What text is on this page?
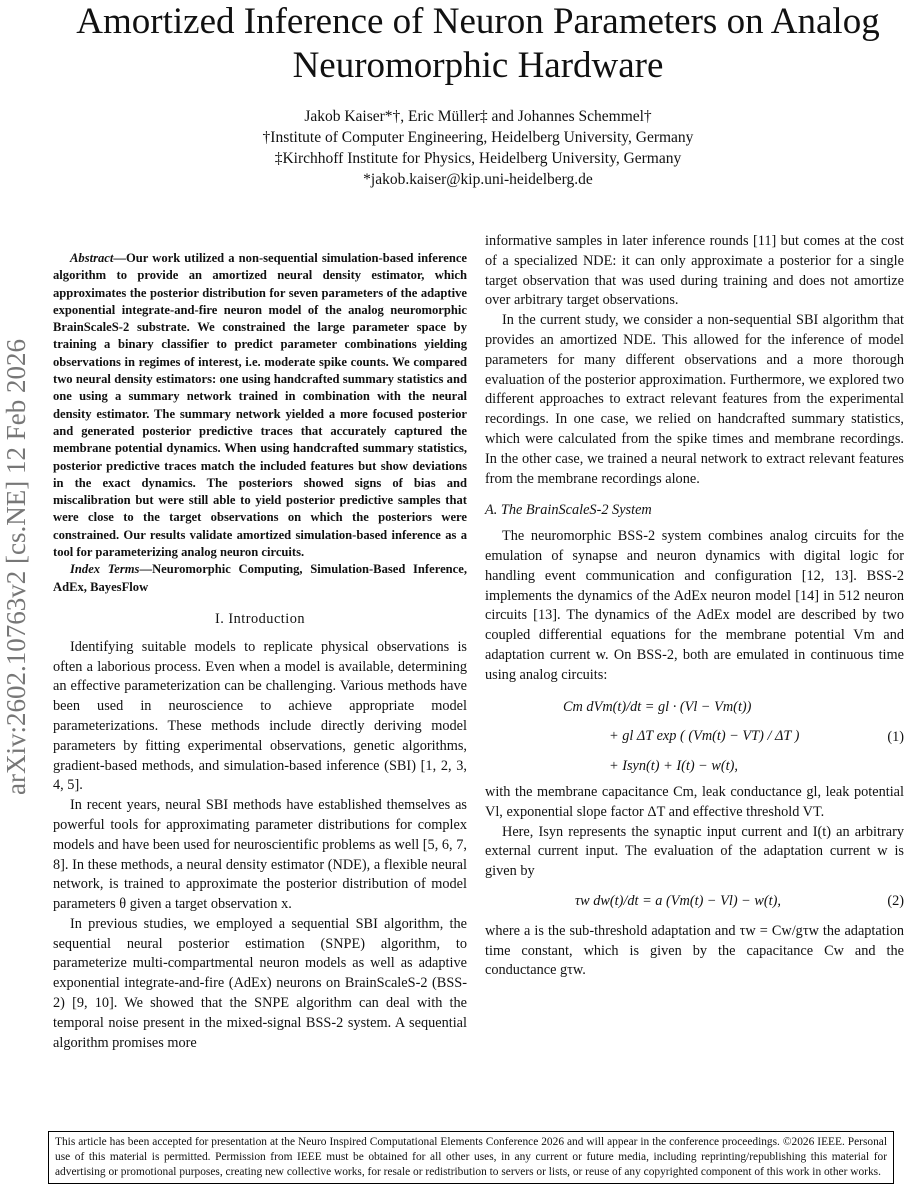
Amortized Inference of Neuron Parameters on Analog Neuromorphic Hardware
Jakob Kaiser*†, Eric Müller‡ and Johannes Schemmel†
†Institute of Computer Engineering, Heidelberg University, Germany
‡Kirchhoff Institute for Physics, Heidelberg University, Germany
*jakob.kaiser@kip.uni-heidelberg.de
arXiv:2602.10763v2 [cs.NE] 12 Feb 2026

Abstract—Our work utilized a non-sequential simulation-based inference algorithm to provide an amortized neural density estimator, which approximates the posterior distribution for seven parameters of the adaptive exponential integrate-and-fire neuron model of the analog neuromorphic BrainScaleS-2 substrate. We constrained the large parameter space by training a binary classifier to predict parameter combinations yielding observations in regimes of interest, i.e. moderate spike counts. We compared two neural density estimators: one using handcrafted summary statistics and one using a summary network trained in combination with the neural density estimator. The summary network yielded a more focused posterior and generated posterior predictive traces that accurately captured the membrane potential dynamics. When using handcrafted summary statistics, posterior predictive traces match the included features but show deviations in the exact dynamics. The posteriors showed signs of bias and miscalibration but were still able to yield posterior predictive samples that were close to the target observations on which the posteriors were constrained. Our results validate amortized simulation-based inference as a tool for parameterizing analog neuron circuits.

Index Terms—Neuromorphic Computing, Simulation-Based Inference, AdEx, BayesFlow

I. Introduction

Identifying suitable models to replicate physical observations is often a laborious process. Even when a model is available, determining an effective parameterization can be challenging. Various methods have been used in neuroscience to achieve appropriate model parameterizations. These methods include directly deriving model parameters by fitting experimental observations, genetic algorithms, gradient-based methods, and simulation-based inference (SBI) [1, 2, 3, 4, 5].

In recent years, neural SBI methods have established themselves as powerful tools for approximating parameter distributions for complex models and have been used for neuroscientific problems as well [5, 6, 7, 8]. In these methods, a neural density estimator (NDE), a flexible neural network, is trained to approximate the posterior distribution of model parameters θ given a target observation x.

In previous studies, we employed a sequential SBI algorithm, the sequential neural posterior estimation (SNPE) algorithm, to parameterize multi-compartmental neuron models as well as adaptive exponential integrate-and-fire (AdEx) neurons on BrainScaleS-2 (BSS-2) [9, 10]. We showed that the SNPE algorithm can deal with the temporal noise present in the mixed-signal BSS-2 system. A sequential algorithm promises more

informative samples in later inference rounds [11] but comes at the cost of a specialized NDE: it can only approximate a posterior for a single target observation that was used during training and does not amortize over arbitrary target observations.

In the current study, we consider a non-sequential SBI algorithm that provides an amortized NDE. This allowed for the inference of model parameters for many different observations and a more thorough evaluation of the posterior approximation. Furthermore, we explored two different approaches to extract relevant features from the experimental recordings. In one case, we relied on handcrafted summary statistics, which were calculated from the spike times and membrane recordings. In the other case, we trained a neural network to extract relevant features from the membrane recordings alone.

A. The BrainScaleS-2 System

The neuromorphic BSS-2 system combines analog circuits for the emulation of synapse and neuron dynamics with digital logic for handling event communication and configuration [12, 13]. BSS-2 implements the dynamics of the AdEx neuron model [14] in 512 neuron circuits [13]. The dynamics of the AdEx model are described by two coupled differential equations for the membrane potential Vm and adaptation current w. On BSS-2, both are emulated in continuous time using analog circuits:

Cm dVm(t)/dt = gl · (Vl − Vm(t))
+ gl ΔT exp ( (Vm(t) − VT) / ΔT )	(1)
+ Isyn(t) + I(t) − w(t),

with the membrane capacitance Cm, leak conductance gl, leak potential Vl, exponential slope factor ΔT and effective threshold VT.

Here, Isyn represents the synaptic input current and I(t) an arbitrary external current input. The evaluation of the adaptation current w is given by

τw dw(t)/dt = a (Vm(t) − Vl) − w(t),	(2)

where a is the sub-threshold adaptation and τw = Cw/gτw the adaptation time constant, which is given by the capacitance Cw and the conductance gτw.

This article has been accepted for presentation at the Neuro Inspired Computational Elements Conference 2026 and will appear in the conference proceedings. ©2026 IEEE. Personal use of this material is permitted. Permission from IEEE must be obtained for all other uses, in any current or future media, including reprinting/republishing this material for advertising or promotional purposes, creating new collective works, for resale or redistribution to servers or lists, or reuse of any copyrighted component of this work in other works.
